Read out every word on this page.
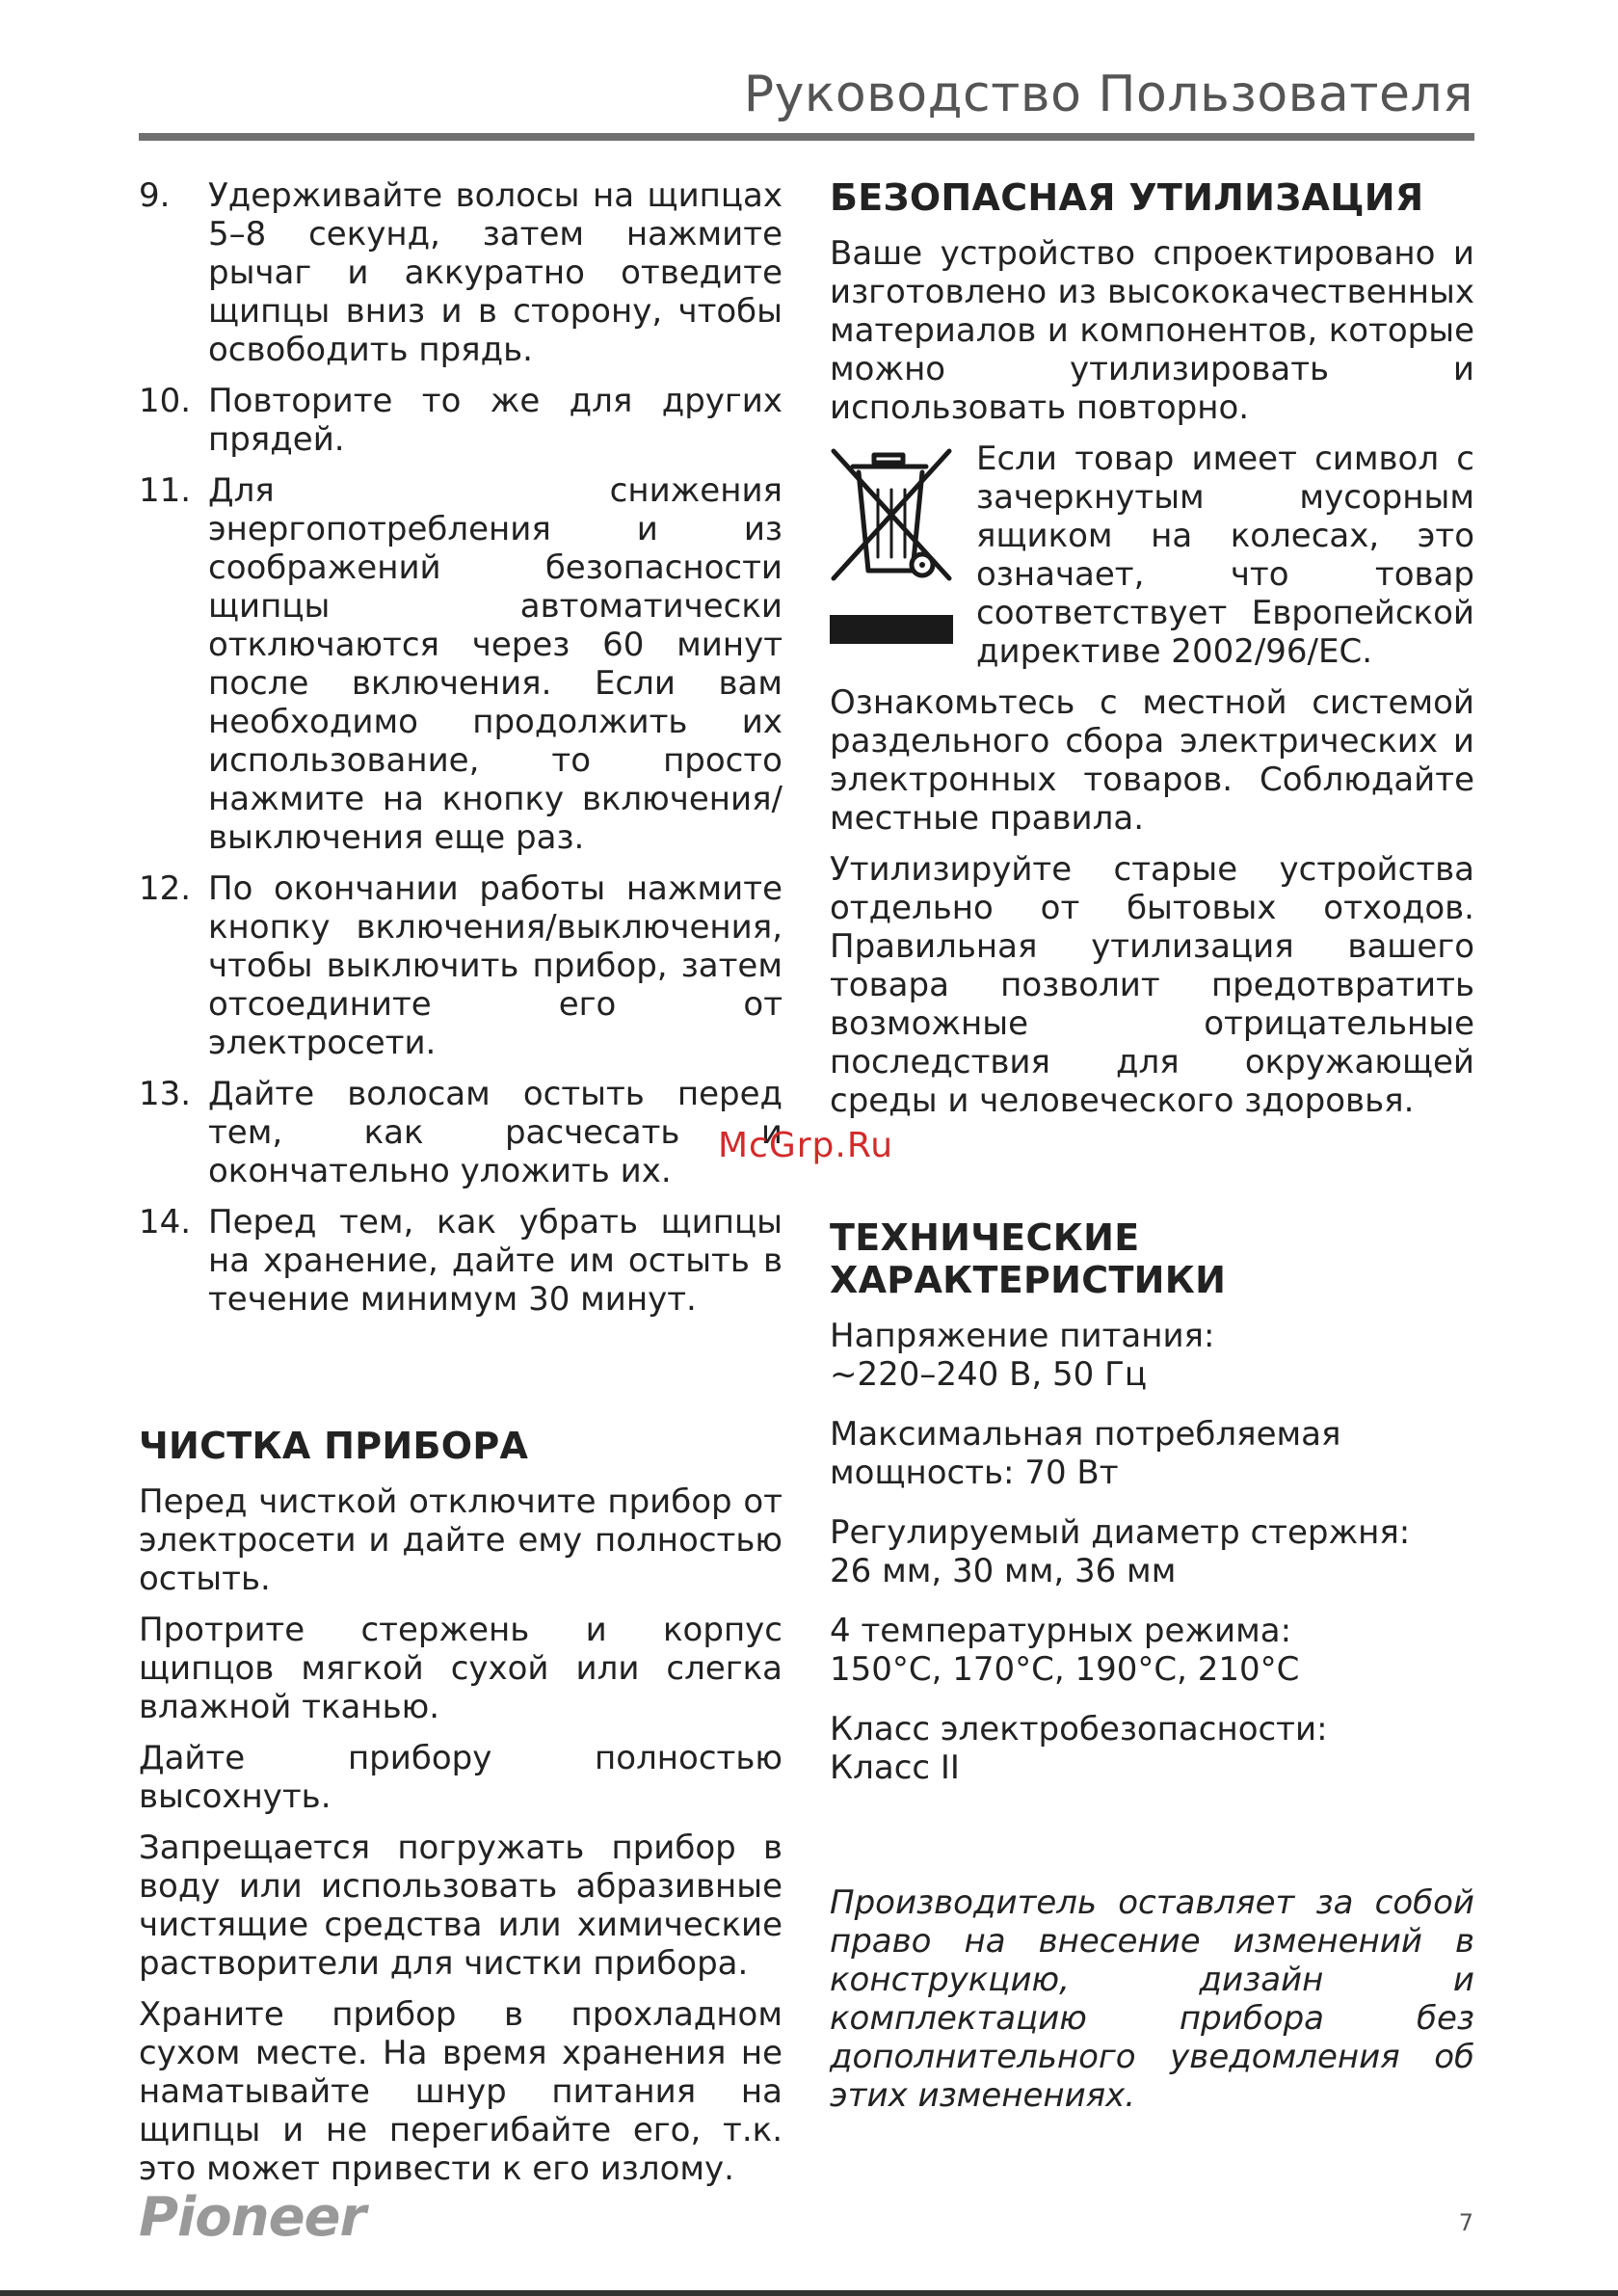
Руководство Пользователя
9.	Удерживайте волосы на щипцах 5–8 секунд, затем нажмите рычаг и аккуратно отведите щипцы вниз и в сторону, чтобы освободить прядь.
10. Повторите то же для других прядей.
11. Для снижения энергопотребления и из соображений безопасности щипцы автоматически отключаются через 60 минут после включения. Если вам необходимо продолжить их использование, то просто нажмите на кнопку включения/выключения еще раз.
12. По окончании работы нажмите кнопку включения/выключения, чтобы выключить прибор, затем отсоедините его от электросети.
13. Дайте волосам остыть перед тем, как расчесать и окончательно уложить их.
14. Перед тем, как убрать щипцы на хранение, дайте им остыть в течение минимум 30 минут.
ЧИСТКА ПРИБОРА

Перед чисткой отключите прибор от электросети и дайте ему полностью остыть.

Протрите стержень и корпус щипцов мягкой сухой или слегка влажной тканью.

Дайте прибору полностью высохнуть.

Запрещается погружать прибор в воду или использовать абразивные чистящие средства или химические растворители для чистки прибора.

Храните прибор в прохладном сухом месте. На время хранения не наматывайте шнур питания на щипцы и не перегибайте его, т.к. это может привести к его излому.

БЕЗОПАСНАЯ УТИЛИЗАЦИЯ

Ваше устройство спроектировано и изготовлено из высококачественных материалов и компонентов, которые можно утилизировать и использовать повторно.

Если товар имеет символ с зачеркнутым мусорным ящиком на колесах, это означает, что товар соответствует Европейской директиве 2002/96/EC.

Ознакомьтесь с местной системой раздельного сбора электрических и электронных товаров. Соблюдайте местные правила.

Утилизируйте старые устройства отдельно от бытовых отходов. Правильная утилизация вашего товара позволит предотвратить возможные отрицательные последствия для окружающей среды и человеческого здоровья.

ТЕХНИЧЕСКИЕ
ХАРАКТЕРИСТИКИ
Напряжение питания:
~220–240 В, 50 Гц
Максимальная потребляемая
мощность: 70 Вт
Регулируемый диаметр стержня:
26 мм, 30 мм, 36 мм
4 температурных режима:
150°C, 170°C, 190°C, 210°C
Класс электробезопасности:
Класс II

Производитель оставляет за собой право на внесение изменений в конструкцию, дизайн и комплектацию прибора без дополнительного уведомления об этих изменениях.

McGrp.Ru
Pioneer	7
